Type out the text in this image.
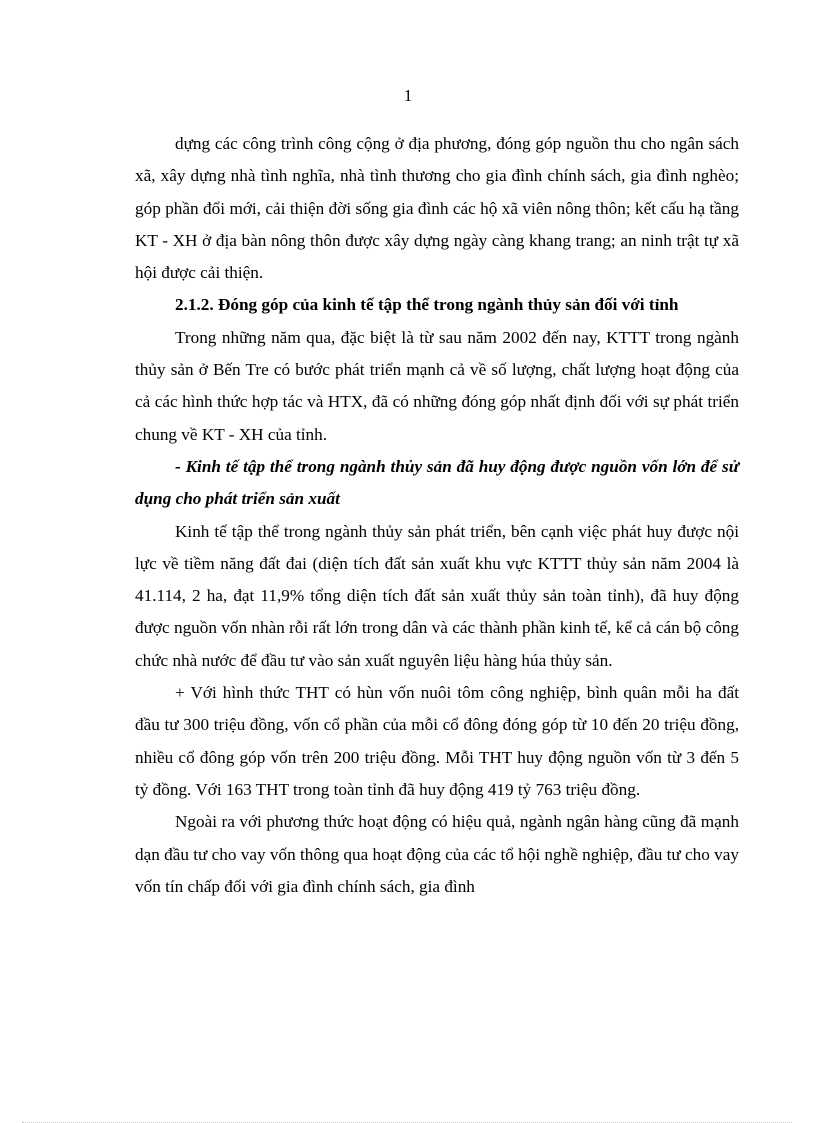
1

dựng các công trình công cộng ở địa phương, đóng góp nguồn thu cho ngân sách xã, xây dựng nhà tình nghĩa, nhà tình thương cho gia đình chính sách, gia đình nghèo; góp phần đổi mới, cải thiện đời sống gia đình các hộ xã viên nông thôn; kết cấu hạ tầng KT - XH ở địa bàn nông thôn được xây dựng ngày càng khang trang; an ninh trật tự xã hội được cải thiện.

2.1.2. Đóng góp của kinh tế tập thể trong ngành thủy sản đối với tỉnh

Trong những năm qua, đặc biệt là từ sau năm 2002 đến nay, KTTT trong ngành thủy sản ở Bến Tre có bước phát triển mạnh cả về số lượng, chất lượng hoạt động của cả các hình thức hợp tác và HTX, đã có những đóng góp nhất định đối với sự phát triển chung về KT - XH của tỉnh.

- Kinh tế tập thể trong ngành thủy sản đã huy động được nguồn vốn lớn để sử dụng cho phát triển sản xuất

Kinh tế tập thể trong ngành thủy sản phát triển, bên cạnh việc phát huy được nội lực về tiềm năng đất đai (diện tích đất sản xuất khu vực KTTT thủy sản năm 2004 là 41.114, 2 ha, đạt 11,9% tổng diện tích đất sản xuất thủy sản toàn tỉnh), đã huy động được nguồn vốn nhàn rỗi rất lớn trong dân và các thành phần kinh tế, kể cả cán bộ công chức nhà nước để đầu tư vào sản xuất nguyên liệu hàng húa thủy sản.

+ Với hình thức THT có hùn vốn nuôi tôm công nghiệp, bình quân mỗi ha đất đầu tư 300 triệu đồng, vốn cổ phần của mỗi cổ đông đóng góp từ 10 đến 20 triệu đồng, nhiều cổ đông góp vốn trên 200 triệu đồng. Mỗi THT huy động nguồn vốn từ 3 đến 5 tỷ đồng. Với 163 THT trong toàn tỉnh đã huy động 419 tỷ 763 triệu đồng.

Ngoài ra với phương thức hoạt động có hiệu quả, ngành ngân hàng cũng đã mạnh dạn đầu tư cho vay vốn thông qua hoạt động của các tổ hội nghề nghiệp, đầu tư cho vay vốn tín chấp đối với gia đình chính sách, gia đình
